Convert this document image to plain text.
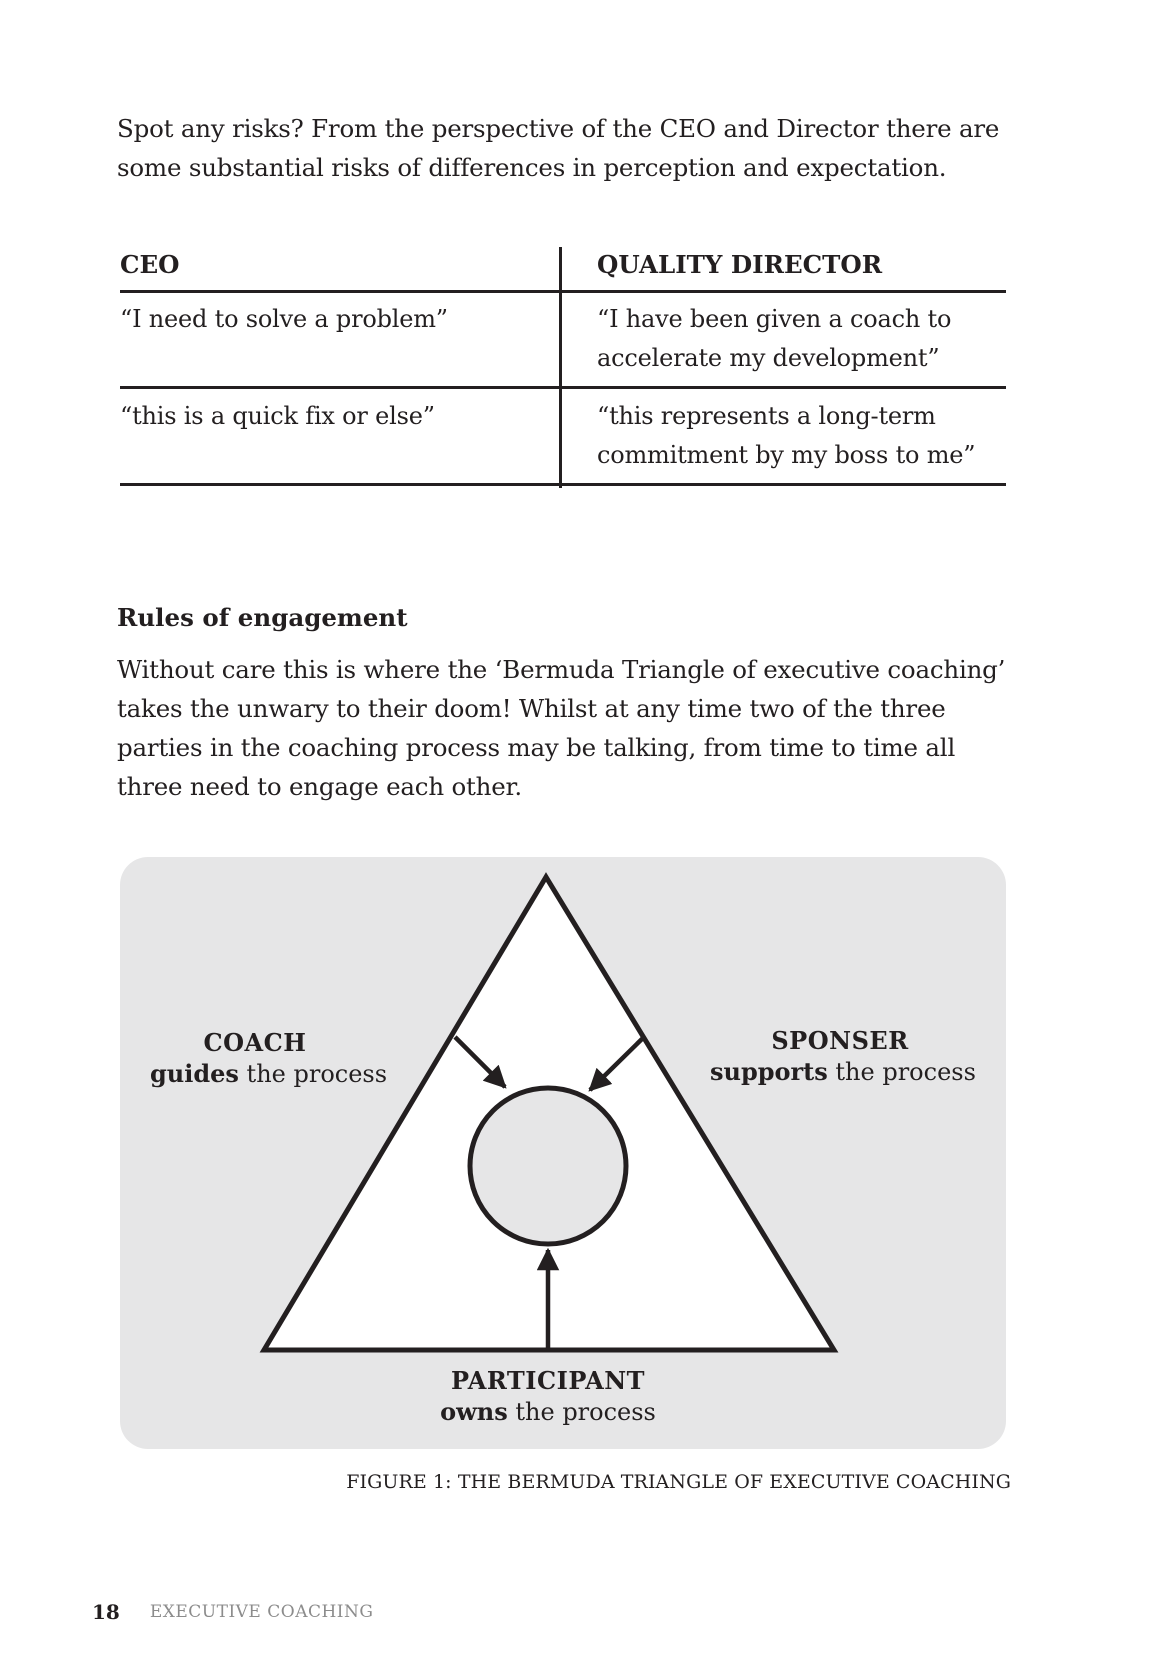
Spot any risks? From the perspective of the CEO and Director there are some substantial risks of differences in perception and expectation.

CEO	QUALITY DIRECTOR
“I need to solve a problem”	“I have been given a coach to accelerate my development”
“this is a quick fix or else”	“this represents a long-term commitment by my boss to me”
Rules of engagement

Without care this is where the ‘Bermuda Triangle of executive coaching’ takes the unwary to their doom! Whilst at any time two of the three parties in the coaching process may be talking, from time to time all three need to engage each other.

COACH
guides the process
SPONSER
supports the process
PARTICIPANT
owns the process

FIGURE 1: THE BERMUDA TRIANGLE OF EXECUTIVE COACHING

18 EXECUTIVE COACHING
